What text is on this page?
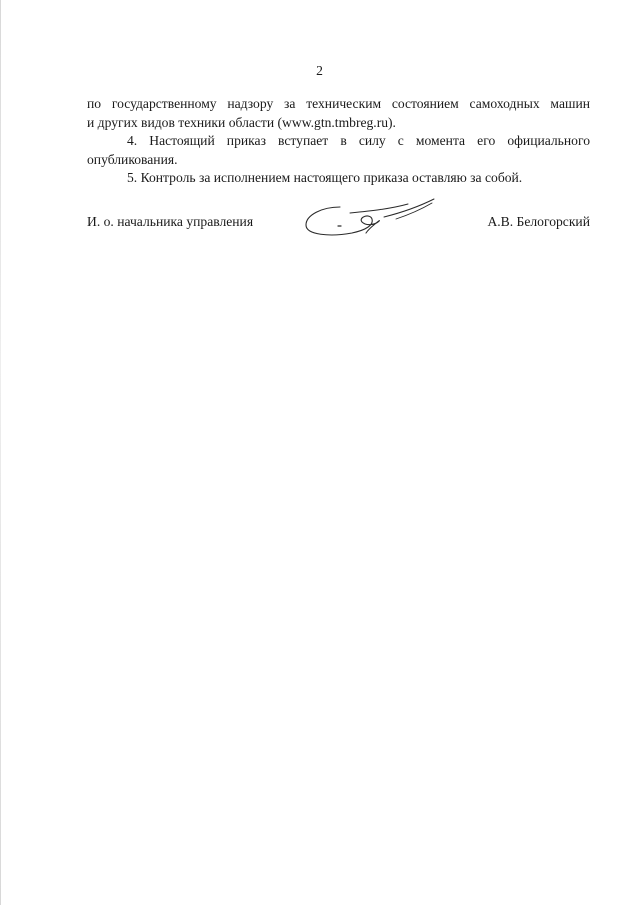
2

по государственному надзору за техническим состоянием самоходных машин
и других видов техники области (www.gtn.tmbreg.ru).

4. Настоящий приказ вступает в силу с момента его официального
опубликования.

5. Контроль за исполнением настоящего приказа оставляю за собой.

И. о. начальника управления	А.В. Белогорский
